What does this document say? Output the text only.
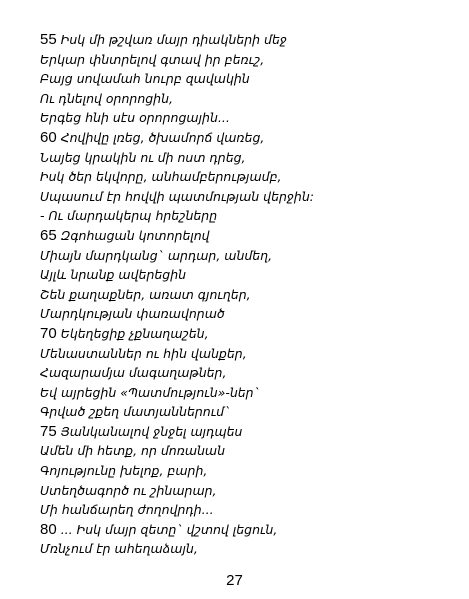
55 Իսկ մի թշվառ մայր դիակների մեջ
Երկար փնտրելով գտավ իր բեռւշ,
Բայց սովամահ նուրբ զավակին
Ու դնելով օրորոցին,
Երգեց հնի սէս օրորոցային...
60 Հովիվը լռեց, ծխամորճ վառեց,
Նայեց կրակին ու մի ոստ դրեց,
Իսկ ծեր եկվորը, անհամբերությամբ,
Սպասում էր հովվի պատմության վերջին:
- Ու մարդակերպ հրեշները
65 Զգոհացան կոտորելով
Միայն մարդկանց` արդար, անմեղ,
Այլև նրանք ավերեցին
Շեն քաղաքներ, առատ գյուղեր,
Մարդկության փառավորած
70 Եկեղեցիք չքնաղաշեն,
Մենաստաններ ու հին վանքեր,
Հազարամյա մագաղաթներ,
Եվ այրեցին «Պատմություն»-ներ`
Գրված շքեղ մատյաններում`
75 Յանկանալով ջնջել այդպես
Ամեն մի հետք, որ մոռանան
Գոյությունը խելոք, բարի,
Ստեղծագործ ու շինարար,
Մի հանճարեղ ժողովրդի...
80 ... Իսկ մայր զետը` վշտով լեցուն,
Մռնչում էր ահեղաձայն,
27
